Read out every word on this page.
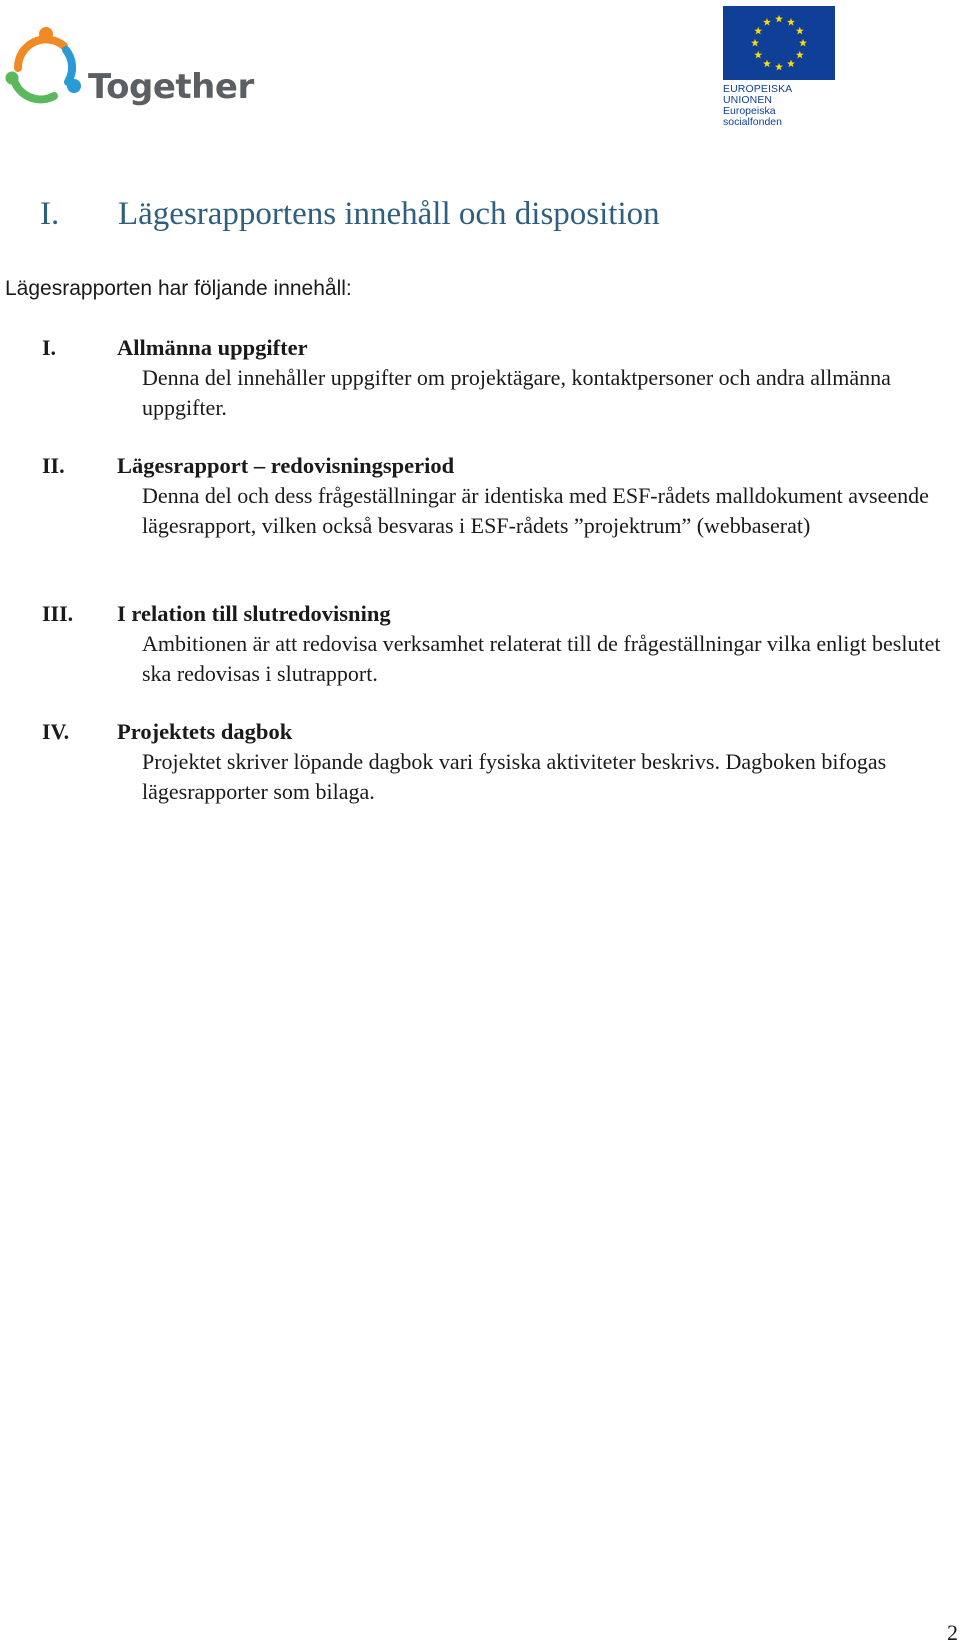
Together	EUROPEISKA UNIONEN
Europeiska socialfonden
I. Lägesrapportens innehåll och disposition
Lägesrapporten har följande innehåll:
I.	Allmänna uppgifter
Denna del innehåller uppgifter om projektägare, kontaktpersoner och andra allmänna uppgifter.
II. Lägesrapport – redovisningsperiod
Denna del och dess frågeställningar är identiska med ESF-rådets malldokument avseende lägesrapport, vilken också besvaras i ESF-rådets ”projektrum” (webbaserat)
III. I relation till slutredovisning
Ambitionen är att redovisa verksamhet relaterat till de frågeställningar vilka enligt beslutet ska redovisas i slutrapport.
IV. Projektets dagbok
Projektet skriver löpande dagbok vari fysiska aktiviteter beskrivs. Dagboken bifogas lägesrapporter som bilaga.
2
